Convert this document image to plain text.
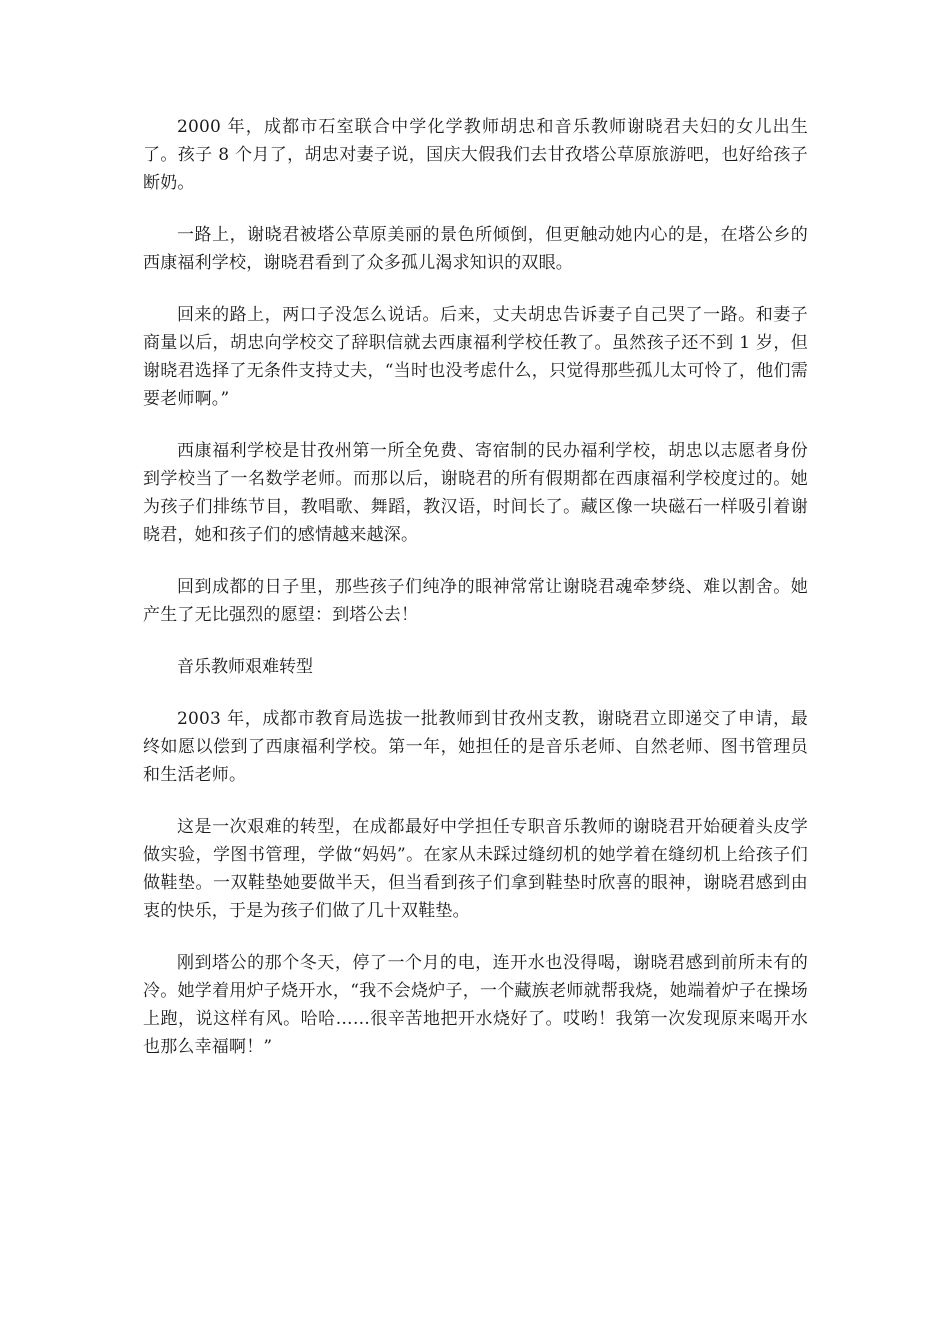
2000 年，成都市石室联合中学化学教师胡忠和音乐教师谢晓君夫妇的女儿出生了。孩子 8 个月了，胡忠对妻子说，国庆大假我们去甘孜塔公草原旅游吧，也好给孩子断奶。

一路上，谢晓君被塔公草原美丽的景色所倾倒，但更触动她内心的是，在塔公乡的西康福利学校，谢晓君看到了众多孤儿渴求知识的双眼。

回来的路上，两口子没怎么说话。后来，丈夫胡忠告诉妻子自己哭了一路。和妻子商量以后，胡忠向学校交了辞职信就去西康福利学校任教了。虽然孩子还不到 1 岁，但谢晓君选择了无条件支持丈夫，“当时也没考虑什么，只觉得那些孤儿太可怜了，他们需要老师啊。”

西康福利学校是甘孜州第一所全免费、寄宿制的民办福利学校，胡忠以志愿者身份到学校当了一名数学老师。而那以后，谢晓君的所有假期都在西康福利学校度过的。她为孩子们排练节目，教唱歌、舞蹈，教汉语，时间长了。藏区像一块磁石一样吸引着谢晓君，她和孩子们的感情越来越深。

回到成都的日子里，那些孩子们纯净的眼神常常让谢晓君魂牵梦绕、难以割舍。她产生了无比强烈的愿望：到塔公去！

音乐教师艰难转型

2003 年，成都市教育局选拔一批教师到甘孜州支教，谢晓君立即递交了申请，最终如愿以偿到了西康福利学校。第一年，她担任的是音乐老师、自然老师、图书管理员和生活老师。

这是一次艰难的转型，在成都最好中学担任专职音乐教师的谢晓君开始硬着头皮学做实验，学图书管理，学做“妈妈”。在家从未踩过缝纫机的她学着在缝纫机上给孩子们做鞋垫。一双鞋垫她要做半天，但当看到孩子们拿到鞋垫时欣喜的眼神，谢晓君感到由衷的快乐，于是为孩子们做了几十双鞋垫。

刚到塔公的那个冬天，停了一个月的电，连开水也没得喝，谢晓君感到前所未有的冷。她学着用炉子烧开水，“我不会烧炉子，一个藏族老师就帮我烧，她端着炉子在操场上跑，说这样有风。哈哈……很辛苦地把开水烧好了。哎哟！我第一次发现原来喝开水也那么幸福啊！”
